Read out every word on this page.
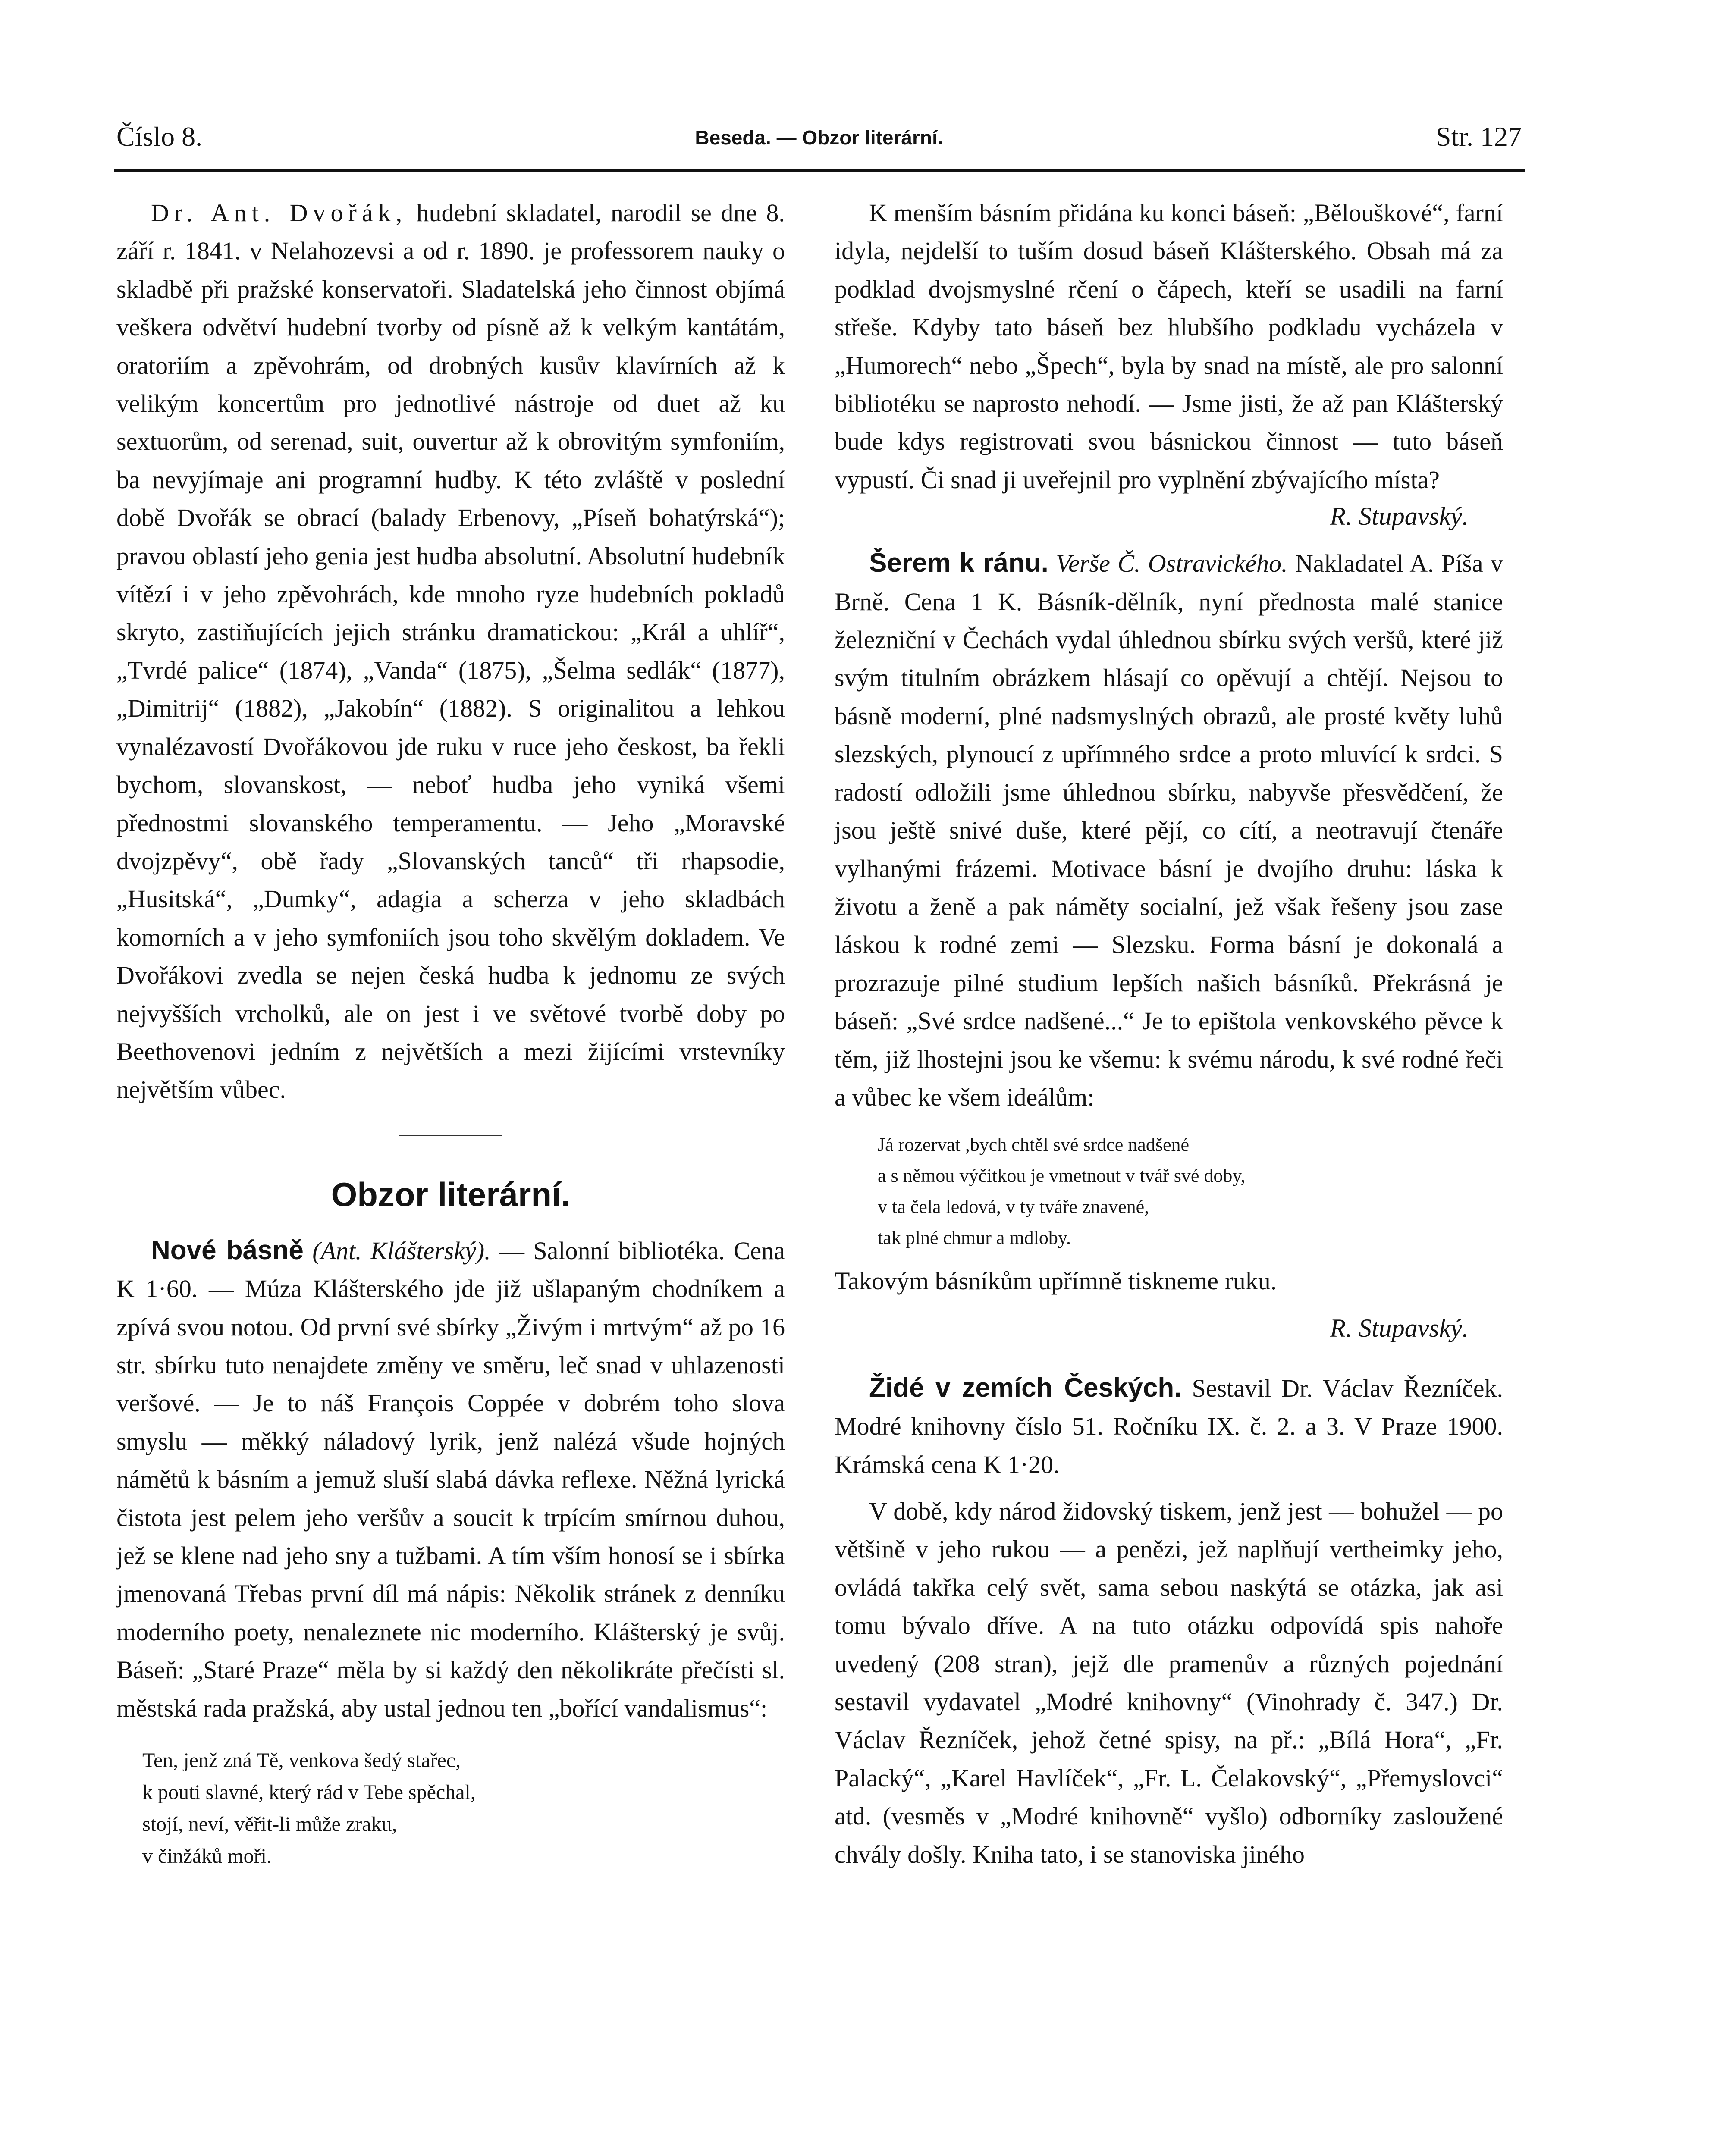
Číslo 8.	Beseda. — Obzor literární.	Str. 127

Dr. Ant. Dvořák, hudební skladatel, narodil se dne 8. září r. 1841. v Nelahozevsi a od r. 1890. je professorem nauky o skladbě při pražské konservatoři. Sladatelská jeho činnost objímá veškera odvětví hudební tvorby od písně až k velkým kantátám, oratoriím a zpěvohrám, od drobných kusův klavírních až k velikým koncertům pro jednotlivé nástroje od duet až ku sextuorům, od serenad, suit, ouvertur až k obrovitým symfoniím, ba nevyjímaje ani programní hudby. K této zvláště v poslední době Dvořák se obrací (balady Erbenovy, „Píseň bohatýrská“); pravou oblastí jeho genia jest hudba absolutní. Absolutní hudebník vítězí i v jeho zpěvohrách, kde mnoho ryze hudebních pokladů skryto, zastiňujících jejich stránku dramatickou: „Král a uhlíř“, „Tvrdé palice“ (1874), „Vanda“ (1875), „Šelma sedlák“ (1877), „Dimitrij“ (1882), „Jakobín“ (1882). S originalitou a lehkou vynalézavostí Dvořákovou jde ruku v ruce jeho českost, ba řekli bychom, slovanskost, — neboť hudba jeho vyniká všemi přednostmi slovanského temperamentu. — Jeho „Moravské dvojzpěvy“, obě řady „Slovanských tanců“ tři rhapsodie, „Husitská“, „Dumky“, adagia a scherza v jeho skladbách komorních a v jeho symfoniích jsou toho skvělým dokladem. Ve Dvořákovi zvedla se nejen česká hudba k jednomu ze svých nejvyšších vrcholků, ale on jest i ve světové tvorbě doby po Beethovenovi jedním z největších a mezi žijícími vrstevníky největším vůbec.

Obzor literární.

Nové básně (Ant. Klášterský). — Salonní bibliotéka. Cena K 1·60. — Múza Klášterského jde již ušlapaným chodníkem a zpívá svou notou. Od první své sbírky „Živým i mrtvým“ až po 16 str. sbírku tuto nenajdete změny ve směru, leč snad v uhlazenosti veršové. — Je to náš François Coppée v dobrém toho slova smyslu — měkký náladový lyrik, jenž nalézá všude hojných námětů k básním a jemuž sluší slabá dávka reflexe. Něžná lyrická čistota jest pelem jeho veršův a soucit k trpícím smírnou duhou, jež se klene nad jeho sny a tužbami. A tím vším honosí se i sbírka jmenovaná Třebas první díl má nápis: Několik stránek z denníku moderního poety, nenaleznete nic moderního. Klášterský je svůj. Báseň: „Staré Praze“ měla by si každý den několikráte přečísti sl. městská rada pražská, aby ustal jednou ten „bořící vandalismus“:

Ten, jenž zná Tě, venkova šedý stařec,

k pouti slavné, který rád v Tebe spěchal,

stojí, neví, věřit-li může zraku,

v činžáků moři.

K menším básním přidána ku konci báseň: „Bělouškové“, farní idyla, nejdelší to tuším dosud báseň Klášterského. Obsah má za podklad dvojsmyslné rčení o čápech, kteří se usadili na farní střeše. Kdyby tato báseň bez hlubšího podkladu vycházela v „Humorech“ nebo „Špech“, byla by snad na místě, ale pro salonní bibliotéku se naprosto nehodí. — Jsme jisti, že až pan Klášterský bude kdys registrovati svou básnickou činnost — tuto báseň vypustí. Či snad ji uveřejnil pro vyplnění zbývajícího místa?

R. Stupavský.

Šerem k ránu. Verše Č. Ostravického. Nakladatel A. Píša v Brně. Cena 1 K. Básník-dělník, nyní přednosta malé stanice železniční v Čechách vydal úhlednou sbírku svých veršů, které již svým titulním obrázkem hlásají co opěvují a chtějí. Nejsou to básně moderní, plné nadsmyslných obrazů, ale prosté květy luhů slezských, plynoucí z upřímného srdce a proto mluvící k srdci. S radostí odložili jsme úhlednou sbírku, nabyvše přesvědčení, že jsou ještě snivé duše, které pějí, co cítí, a neotravují čtenáře vylhanými frázemi. Motivace básní je dvojího druhu: láska k životu a ženě a pak náměty socialní, jež však řešeny jsou zase láskou k rodné zemi — Slezsku. Forma básní je dokonalá a prozrazuje pilné studium lepších našich básníků. Překrásná je báseň: „Své srdce nadšené...“ Je to epištola venkovského pěvce k těm, již lhostejni jsou ke všemu: k svému národu, k své rodné řeči a vůbec ke všem ideálům:

Já rozervat ,bych chtěl své srdce nadšené

a s němou výčitkou je vmetnout v tvář své doby,

v ta čela ledová, v ty tváře znavené,

tak plné chmur a mdloby.

Takovým básníkům upřímně tiskneme ruku.

R. Stupavský.

Židé v zemích Českých. Sestavil Dr. Václav Řezníček. Modré knihovny číslo 51. Ročníku IX. č. 2. a 3. V Praze 1900. Krámská cena K 1·20.

V době, kdy národ židovský tiskem, jenž jest — bohužel — po většině v jeho rukou — a penězi, jež naplňují vertheimky jeho, ovládá takřka celý svět, sama sebou naskýtá se otázka, jak asi tomu bývalo dříve. A na tuto otázku odpovídá spis nahoře uvedený (208 stran), jejž dle pramenův a různých pojednání sestavil vydavatel „Modré knihovny“ (Vinohrady č. 347.) Dr. Václav Řezníček, jehož četné spisy, na př.: „Bílá Hora“, „Fr. Palacký“, „Karel Havlíček“, „Fr. L. Čelakovský“, „Přemyslovci“ atd. (vesměs v „Modré knihovně“ vyšlo) odborníky zasloužené chvály došly. Kniha tato, i se stanoviska jiného
